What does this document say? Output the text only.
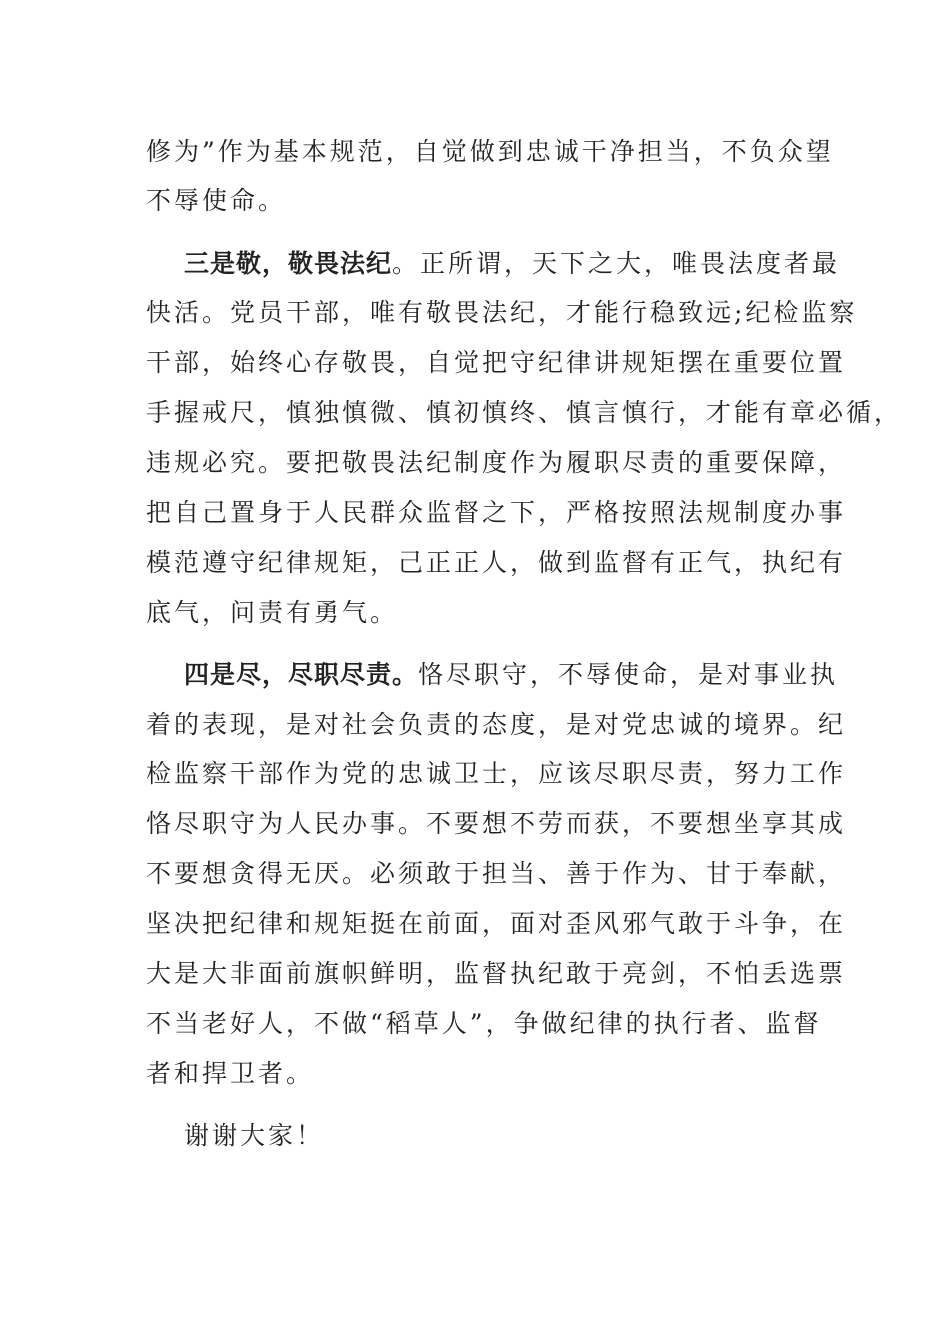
修为”作为基本规范，自觉做到忠诚干净担当，不负众望
不辱使命。
三是敬，敬畏法纪。正所谓，天下之大，唯畏法度者最
快活。党员干部，唯有敬畏法纪，才能行稳致远;纪检监察
干部，始终心存敬畏，自觉把守纪律讲规矩摆在重要位置
手握戒尺，慎独慎微、慎初慎终、慎言慎行，才能有章必循，
违规必究。要把敬畏法纪制度作为履职尽责的重要保障，
把自己置身于人民群众监督之下，严格按照法规制度办事
模范遵守纪律规矩，己正正人，做到监督有正气，执纪有
底气，问责有勇气。
四是尽，尽职尽责。恪尽职守，不辱使命，是对事业执
着的表现，是对社会负责的态度，是对党忠诚的境界。纪
检监察干部作为党的忠诚卫士，应该尽职尽责，努力工作
恪尽职守为人民办事。不要想不劳而获，不要想坐享其成
不要想贪得无厌。必须敢于担当、善于作为、甘于奉献，
坚决把纪律和规矩挺在前面，面对歪风邪气敢于斗争，在
大是大非面前旗帜鲜明，监督执纪敢于亮剑，不怕丢选票
不当老好人，不做“稻草人”，争做纪律的执行者、监督
者和捍卫者。
谢谢大家！
